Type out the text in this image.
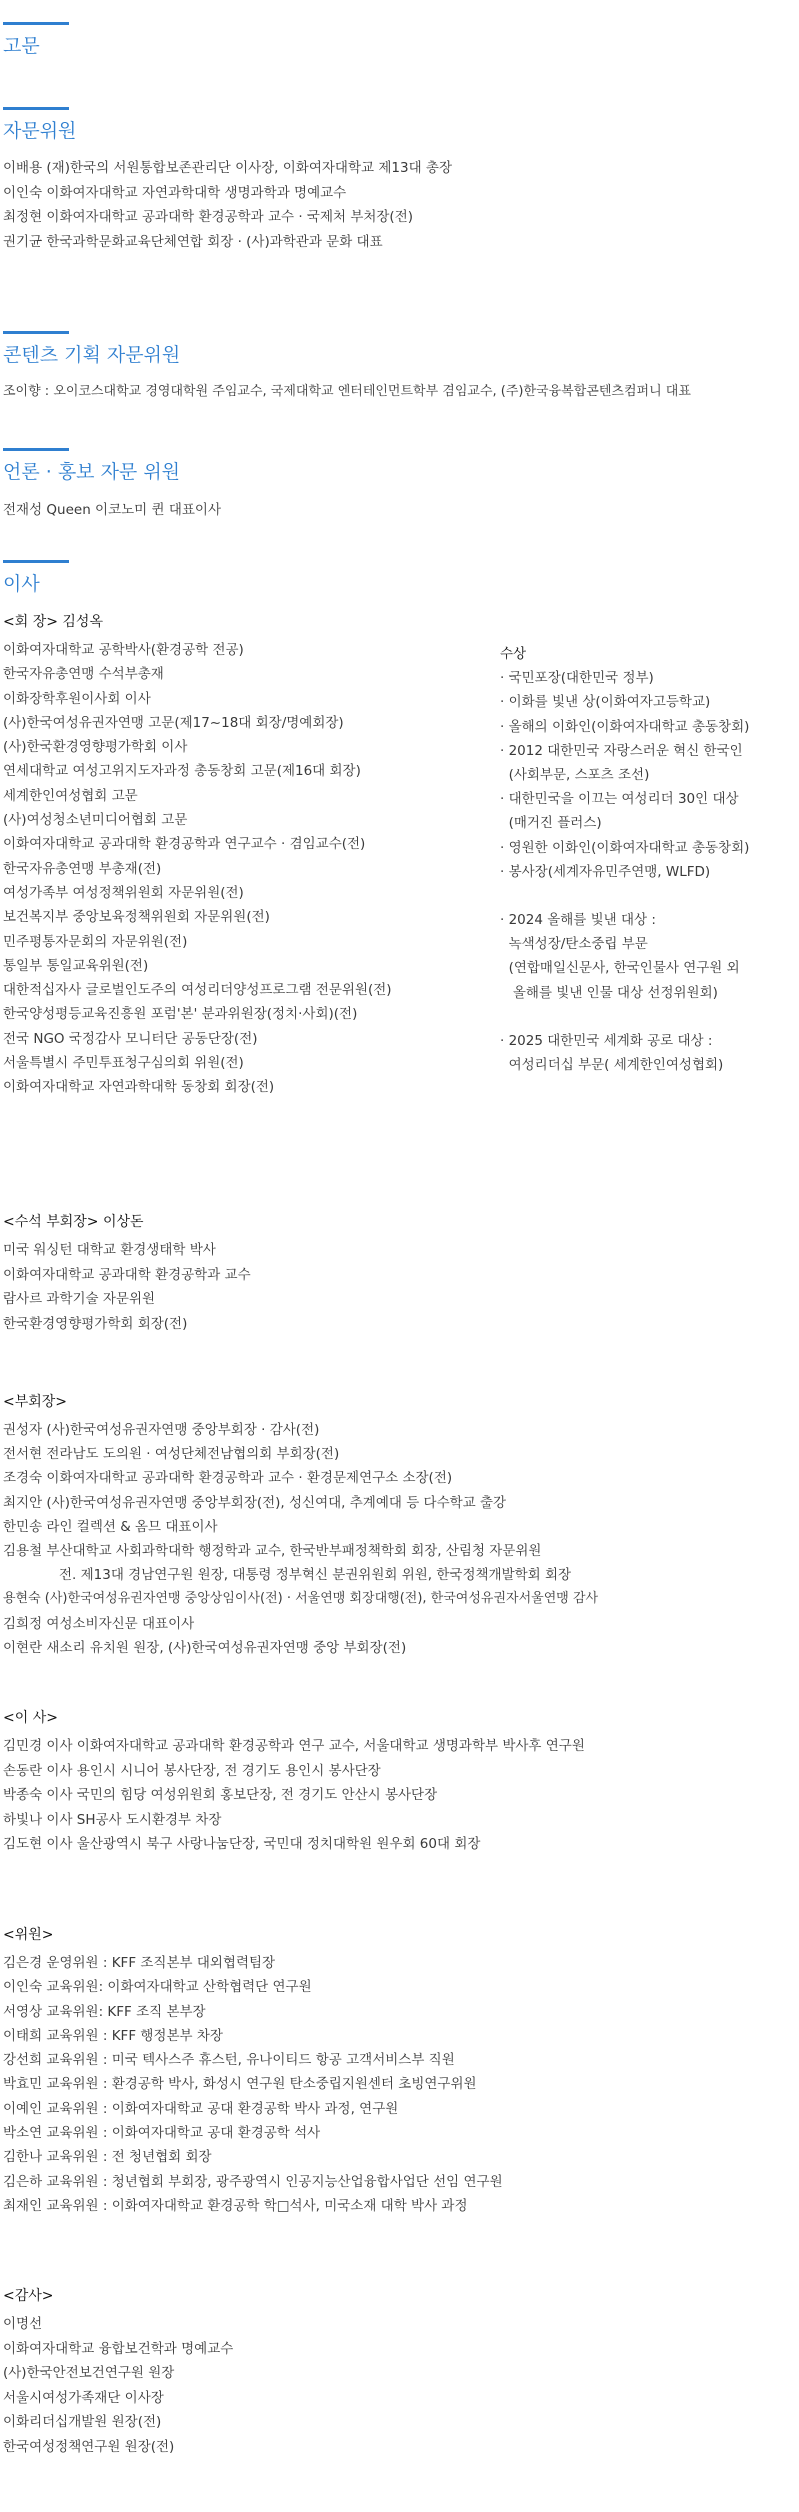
고문
자문위원
이배용 (재)한국의 서원통합보존관리단 이사장, 이화여자대학교 제13대 총장
이인숙 이화여자대학교 자연과학대학 생명과학과 명예교수
최정현 이화여자대학교 공과대학 환경공학과 교수 · 국제처 부처장(전)
권기균 한국과학문화교육단체연합 회장 · (사)과학관과 문화 대표
콘텐츠 기획 자문위원
조이향 : 오이코스대학교 경영대학원 주임교수, 국제대학교 엔터테인먼트학부 겸임교수, (주)한국융복합콘텐츠컴퍼니 대표
언론 · 홍보 자문 위원
전재성 Queen 이코노미 퀸 대표이사
이사
<회 장> 김성옥
이화여자대학교 공학박사(환경공학 전공)
한국자유총연맹 수석부총재
이화장학후원이사회 이사
(사)한국여성유권자연맹 고문(제17~18대 회장/명예회장)
(사)한국환경영향평가학회 이사
연세대학교 여성고위지도자과정 총동창회 고문(제16대 회장)
세계한인여성협회 고문
(사)여성청소년미디어협회 고문
이화여자대학교 공과대학 환경공학과 연구교수 · 겸임교수(전)
한국자유총연맹 부총재(전)
여성가족부 여성정책위원회 자문위원(전)
보건복지부 중앙보육정책위원회 자문위원(전)
민주평통자문회의 자문위원(전)
통일부 통일교육위원(전)
대한적십자사 글로벌인도주의 여성리더양성프로그램 전문위원(전)
한국양성평등교육진흥원 포럼'본' 분과위원장(정치·사회)(전)
전국 NGO 국정감사 모니터단 공동단장(전)
서울특별시 주민투표청구심의회 위원(전)
이화여자대학교 자연과학대학 동창회 회장(전)
수상
· 국민포장(대한민국 정부)
· 이화를 빛낸 상(이화여자고등학교)
· 올해의 이화인(이화여자대학교 총동창회)
· 2012 대한민국 자랑스러운 혁신 한국인
(사회부문, 스포츠 조선)
· 대한민국을 이끄는 여성리더 30인 대상
(매거진 플러스)
· 영원한 이화인(이화여자대학교 총동창회)
· 봉사장(세계자유민주연맹, WLFD)
· 2024 올해를 빛낸 대상 :
녹색성장/탄소중립 부문
(연합매일신문사, 한국인물사 연구원 외
올해를 빛낸 인물 대상 선정위원회)
· 2025 대한민국 세계화 공로 대상 :
여성리더십 부문( 세계한인여성협회)
<수석 부회장> 이상돈
미국 워싱턴 대학교 환경생태학 박사
이화여자대학교 공과대학 환경공학과 교수
람사르 과학기술 자문위원
한국환경영향평가학회 회장(전)
<부회장>
권성자 (사)한국여성유권자연맹 중앙부회장 · 감사(전)
전서현 전라남도 도의원 · 여성단체전남협의회 부회장(전)
조경숙 이화여자대학교 공과대학 환경공학과 교수 · 환경문제연구소 소장(전)
최지안 (사)한국여성유권자연맹 중앙부회장(전), 성신여대, 추계예대 등 다수학교 출강
한민송 라인 컬렉션 & 옴므 대표이사
김용철 부산대학교 사회과학대학 행정학과 교수, 한국반부패정책학회 회장, 산림청 자문위원
전. 제13대 경남연구원 원장, 대통령 정부혁신 분권위원회 위원, 한국정책개발학회 회장
용현숙 (사)한국여성유권자연맹 중앙상임이사(전) · 서울연맹 회장대행(전), 한국여성유권자서울연맹 감사
김희정 여성소비자신문 대표이사
이현란 새소리 유치원 원장, (사)한국여성유권자연맹 중앙 부회장(전)
<이 사>
김민경 이사 이화여자대학교 공과대학 환경공학과 연구 교수, 서울대학교 생명과학부 박사후 연구원
손동란 이사 용인시 시니어 봉사단장, 전 경기도 용인시 봉사단장
박종숙 이사 국민의 힘당 여성위원회 홍보단장, 전 경기도 안산시 봉사단장
하빛나 이사 SH공사 도시환경부 차장
김도현 이사 울산광역시 북구 사랑나눔단장, 국민대 정치대학원 원우회 60대 회장
<위원>
김은경 운영위원 : KFF 조직본부 대외협력팀장
이인숙 교육위원: 이화여자대학교 산학협력단 연구원
서영상 교육위원: KFF 조직 본부장
이태희 교육위원 : KFF 행정본부 차장
강선희 교육위원 : 미국 텍사스주 휴스턴, 유나이티드 항공 고객서비스부 직원
박효민 교육위원 : 환경공학 박사, 화성시 연구원 탄소중립지원센터 초빙연구위원
이예인 교육위원 : 이화여자대학교 공대 환경공학 박사 과정, 연구원
박소연 교육위원 : 이화여자대학교 공대 환경공학 석사
김한나 교육위원 : 전 청년협회 회장
김은하 교육위원 : 청년협회 부회장, 광주광역시 인공지능산업융합사업단 선임 연구원
최재인 교육위원 : 이화여자대학교 환경공학 학□석사, 미국소재 대학 박사 과정
<감사>
이명선
이화여자대학교 융합보건학과 명예교수
(사)한국안전보건연구원 원장
서울시여성가족재단 이사장
이화리더십개발원 원장(전)
한국여성정책연구원 원장(전)
